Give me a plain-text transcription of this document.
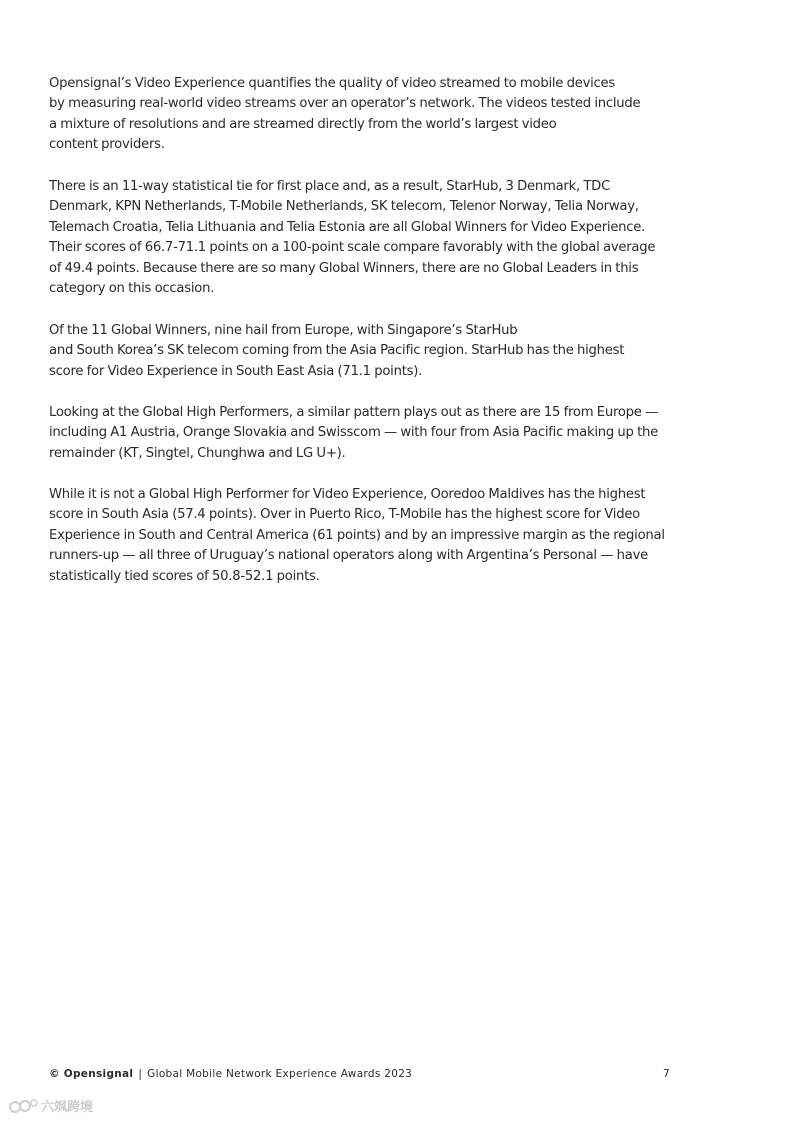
Opensignal’s Video Experience quantifies the quality of video streamed to mobile devices
by measuring real-world video streams over an operator’s network. The videos tested include
a mixture of resolutions and are streamed directly from the world’s largest video
content providers.

There is an 11-way statistical tie for first place and, as a result, StarHub, 3 Denmark, TDC
Denmark, KPN Netherlands, T-Mobile Netherlands, SK telecom, Telenor Norway, Telia Norway,
Telemach Croatia, Telia Lithuania and Telia Estonia are all Global Winners for Video Experience.
Their scores of 66.7-71.1 points on a 100-point scale compare favorably with the global average
of 49.4 points. Because there are so many Global Winners, there are no Global Leaders in this
category on this occasion.

Of the 11 Global Winners, nine hail from Europe, with Singapore’s StarHub
and South Korea’s SK telecom coming from the Asia Pacific region. StarHub has the highest
score for Video Experience in South East Asia (71.1 points).

Looking at the Global High Performers, a similar pattern plays out as there are 15 from Europe —
including A1 Austria, Orange Slovakia and Swisscom — with four from Asia Pacific making up the
remainder (KT, Singtel, Chunghwa and LG U+).

While it is not a Global High Performer for Video Experience, Ooredoo Maldives has the highest
score in South Asia (57.4 points). Over in Puerto Rico, T-Mobile has the highest score for Video
Experience in South and Central America (61 points) and by an impressive margin as the regional
runners-up — all three of Uruguay’s national operators along with Argentina’s Personal — have
statistically tied scores of 50.8-52.1 points.

© Opensignal | Global Mobile Network Experience Awards 2023	7
六飒跨境
